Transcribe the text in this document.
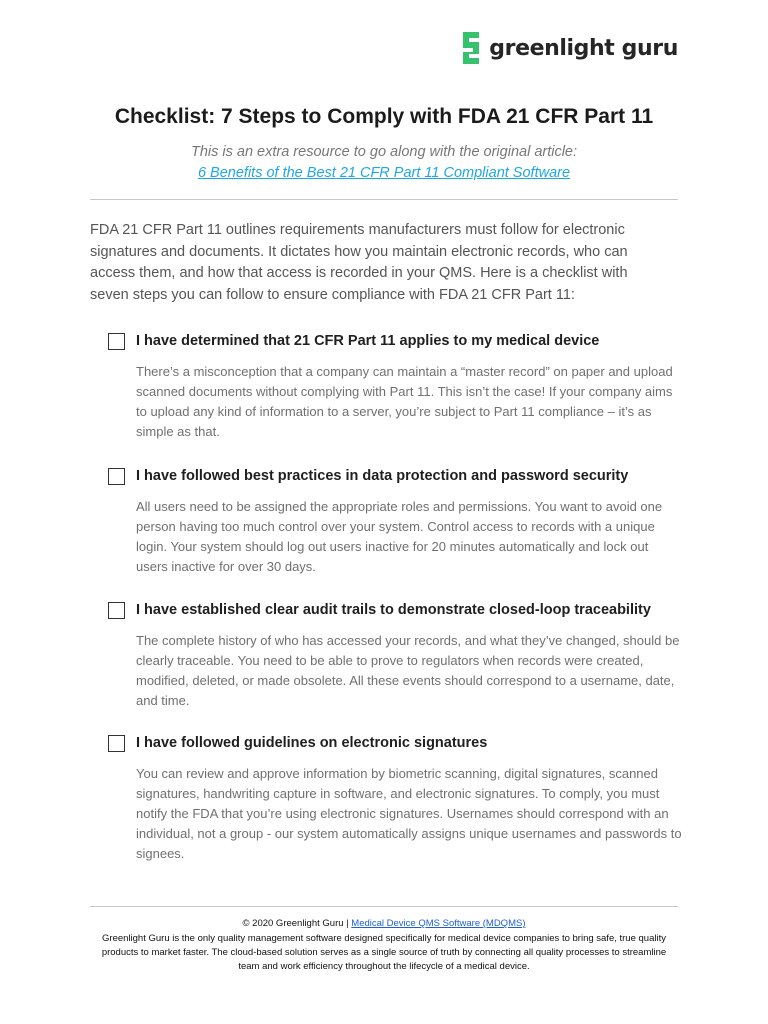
greenlight guru
Checklist: 7 Steps to Comply with FDA 21 CFR Part 11
This is an extra resource to go along with the original article:
6 Benefits of the Best 21 CFR Part 11 Compliant Software

FDA 21 CFR Part 11 outlines requirements manufacturers must follow for electronic signatures and documents. It dictates how you maintain electronic records, who can access them, and how that access is recorded in your QMS. Here is a checklist with seven steps you can follow to ensure compliance with FDA 21 CFR Part 11:

I have determined that 21 CFR Part 11 applies to my medical device
There’s a misconception that a company can maintain a “master record” on paper and upload scanned documents without complying with Part 11. This isn’t the case! If your company aims to upload any kind of information to a server, you’re subject to Part 11 compliance – it’s as simple as that.
I have followed best practices in data protection and password security
All users need to be assigned the appropriate roles and permissions. You want to avoid one person having too much control over your system. Control access to records with a unique login. Your system should log out users inactive for 20 minutes automatically and lock out users inactive for over 30 days.
I have established clear audit trails to demonstrate closed-loop traceability
The complete history of who has accessed your records, and what they’ve changed, should be clearly traceable. You need to be able to prove to regulators when records were created, modified, deleted, or made obsolete. All these events should correspond to a username, date, and time.
I have followed guidelines on electronic signatures
You can review and approve information by biometric scanning, digital signatures, scanned signatures, handwriting capture in software, and electronic signatures. To comply, you must notify the FDA that you’re using electronic signatures. Usernames should correspond with an individual, not a group - our system automatically assigns unique usernames and passwords to signees.
© 2020 Greenlight Guru | Medical Device QMS Software (MDQMS)
Greenlight Guru is the only quality management software designed specifically for medical device companies to bring safe, true quality products to market faster. The cloud-based solution serves as a single source of truth by connecting all quality processes to streamline team and work efficiency throughout the lifecycle of a medical device.
